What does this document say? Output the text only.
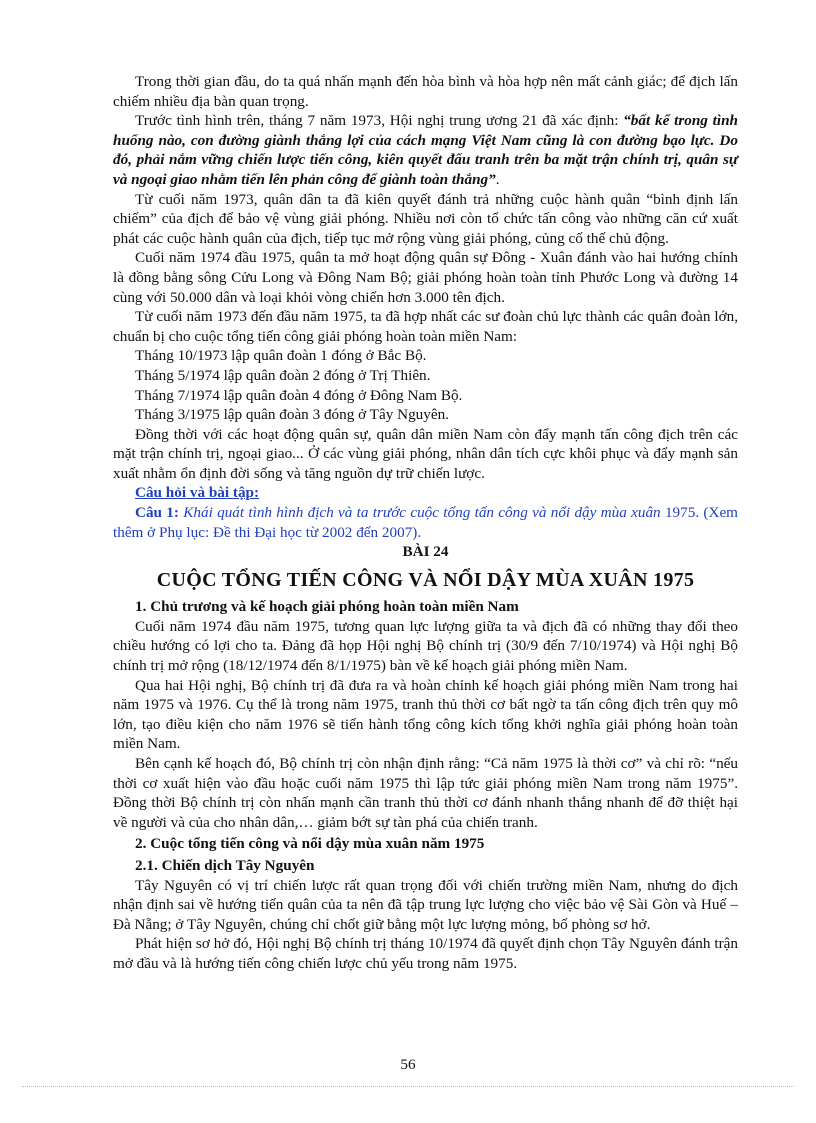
Trong thời gian đầu, do ta quá nhấn mạnh đến hòa bình và hòa hợp nên mất cảnh giác; để địch lấn chiếm nhiều địa bàn quan trọng.

Trước tình hình trên, tháng 7 năm 1973, Hội nghị trung ương 21 đã xác định: “bất kể trong tình huống nào, con đường giành thắng lợi của cách mạng Việt Nam cũng là con đường bạo lực. Do đó, phải nắm vững chiến lược tiến công, kiên quyết đấu tranh trên ba mặt trận chính trị, quân sự và ngoại giao nhằm tiến lên phản công để giành toàn thắng”.

Từ cuối năm 1973, quân dân ta đã kiên quyết đánh trả những cuộc hành quân “bình định lấn chiếm” của địch để bảo vệ vùng giải phóng. Nhiều nơi còn tổ chức tấn công vào những căn cứ xuất phát các cuộc hành quân của địch, tiếp tục mở rộng vùng giải phóng, củng cố thế chủ động.

Cuối năm 1974 đầu 1975, quân ta mở hoạt động quân sự Đông - Xuân đánh vào hai hướng chính là đồng bằng sông Cửu Long và Đông Nam Bộ; giải phóng hoàn toàn tỉnh Phước Long và đường 14 cùng với 50.000 dân và loại khỏi vòng chiến hơn 3.000 tên địch.

Từ cuối năm 1973 đến đầu năm 1975, ta đã hợp nhất các sư đoàn chủ lực thành các quân đoàn lớn, chuẩn bị cho cuộc tổng tiến công giải phóng hoàn toàn miền Nam:

Tháng 10/1973 lập quân đoàn 1 đóng ở Bắc Bộ.

Tháng 5/1974 lập quân đoàn 2 đóng ở Trị Thiên.

Tháng 7/1974 lập quân đoàn 4 đóng ở Đông Nam Bộ.

Tháng 3/1975 lập quân đoàn 3 đóng ở Tây Nguyên.

Đồng thời với các hoạt động quân sự, quân dân miền Nam còn đẩy mạnh tấn công địch trên các mặt trận chính trị, ngoại giao... Ở các vùng giải phóng, nhân dân tích cực khôi phục và đẩy mạnh sản xuất nhằm ổn định đời sống và tăng nguồn dự trữ chiến lược.

Câu hỏi và bài tập:

Câu 1: Khái quát tình hình địch và ta trước cuộc tổng tấn công và nổi dậy mùa xuân 1975. (Xem thêm ở Phụ lục: Đề thi Đại học từ 2002 đến 2007).

BÀI 24

CUỘC TỔNG TIẾN CÔNG VÀ NỔI DẬY MÙA XUÂN 1975

1. Chủ trương và kế hoạch giải phóng hoàn toàn miền Nam

Cuối năm 1974 đầu năm 1975, tương quan lực lượng giữa ta và địch đã có những thay đổi theo chiều hướng có lợi cho ta. Đảng đã họp Hội nghị Bộ chính trị (30/9 đến 7/10/1974) và Hội nghị Bộ chính trị mở rộng (18/12/1974 đến 8/1/1975) bàn về kế hoạch giải phóng miền Nam.

Qua hai Hội nghị, Bộ chính trị đã đưa ra và hoàn chỉnh kế hoạch giải phóng miền Nam trong hai năm 1975 và 1976. Cụ thể là trong năm 1975, tranh thủ thời cơ bất ngờ ta tấn công địch trên quy mô lớn, tạo điều kiện cho năm 1976 sẽ tiến hành tổng công kích tổng khởi nghĩa giải phóng hoàn toàn miền Nam.

Bên cạnh kế hoạch đó, Bộ chính trị còn nhận định rằng: “Cả năm 1975 là thời cơ” và chỉ rõ: “nếu thời cơ xuất hiện vào đầu hoặc cuối năm 1975 thì lập tức giải phóng miền Nam trong năm 1975”. Đồng thời Bộ chính trị còn nhấn mạnh cần tranh thủ thời cơ đánh nhanh thắng nhanh để đỡ thiệt hại về người và của cho nhân dân,… giảm bớt sự tàn phá của chiến tranh.

2. Cuộc tổng tiến công và nổi dậy mùa xuân năm 1975

2.1. Chiến dịch Tây Nguyên

Tây Nguyên có vị trí chiến lược rất quan trọng đối với chiến trường miền Nam, nhưng do địch nhận định sai về hướng tiến quân của ta nên đã tập trung lực lượng cho việc bảo vệ Sài Gòn và Huế – Đà Nẵng; ở Tây Nguyên, chúng chỉ chốt giữ bằng một lực lượng mỏng, bố phòng sơ hở.

Phát hiện sơ hở đó, Hội nghị Bộ chính trị tháng 10/1974 đã quyết định chọn Tây Nguyên đánh trận mở đầu và là hướng tiến công chiến lược chủ yếu trong năm 1975.

56
